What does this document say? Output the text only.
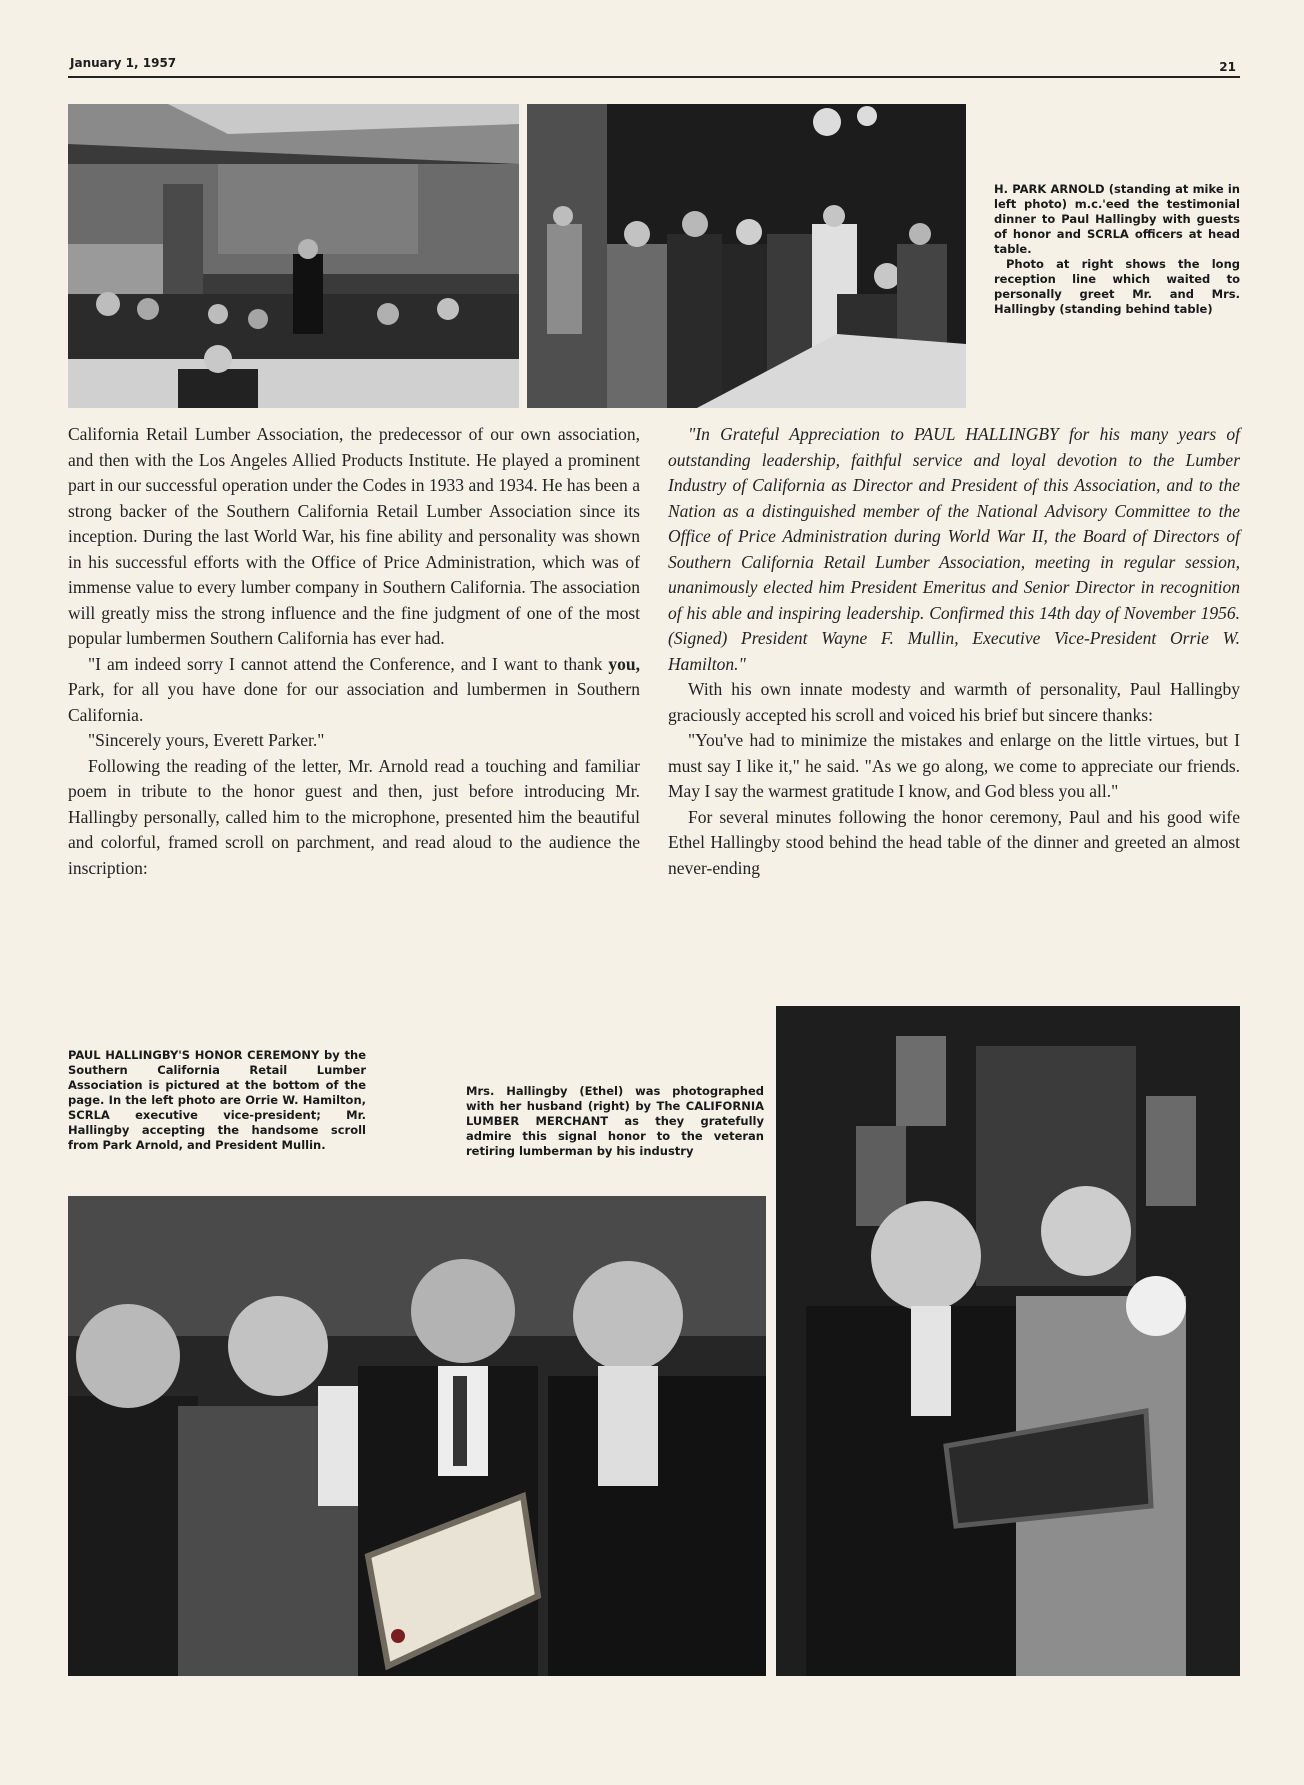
January 1, 1957	21

H. PARK ARNOLD (standing at mike in left photo) m.c.'eed the testimonial dinner to Paul Hallingby with guests of honor and SCRLA officers at head table.

Photo at right shows the long reception line which waited to personally greet Mr. and Mrs. Hallingby (standing behind table)

California Retail Lumber Association, the predecessor of our own association, and then with the Los Angeles Allied Products Institute. He played a prominent part in our successful operation under the Codes in 1933 and 1934. He has been a strong backer of the Southern California Retail Lumber Association since its inception. During the last World War, his fine ability and personality was shown in his successful efforts with the Office of Price Administration, which was of immense value to every lumber company in Southern California. The association will greatly miss the strong influence and the fine judgment of one of the most popular lumbermen Southern California has ever had.

"I am indeed sorry I cannot attend the Conference, and I want to thank you, Park, for all you have done for our association and lumbermen in Southern California.

"Sincerely yours, Everett Parker."

Following the reading of the letter, Mr. Arnold read a touching and familiar poem in tribute to the honor guest and then, just before introducing Mr. Hallingby personally, called him to the microphone, presented him the beautiful and colorful, framed scroll on parchment, and read aloud to the audience the inscription:

"In Grateful Appreciation to PAUL HALLINGBY for his many years of outstanding leadership, faithful service and loyal devotion to the Lumber Industry of California as Director and President of this Association, and to the Nation as a distinguished member of the National Advisory Committee to the Office of Price Administration during World War II, the Board of Directors of Southern California Retail Lumber Association, meeting in regular session, unanimously elected him President Emeritus and Senior Director in recognition of his able and inspiring leadership. Confirmed this 14th day of November 1956. (Signed) President Wayne F. Mullin, Executive Vice-President Orrie W. Hamilton."

With his own innate modesty and warmth of personality, Paul Hallingby graciously accepted his scroll and voiced his brief but sincere thanks:

"You've had to minimize the mistakes and enlarge on the little virtues, but I must say I like it," he said. "As we go along, we come to appreciate our friends. May I say the warmest gratitude I know, and God bless you all."

For several minutes following the honor ceremony, Paul and his good wife Ethel Hallingby stood behind the head table of the dinner and greeted an almost never-ending

PAUL HALLINGBY'S HONOR CEREMONY by the Southern California Retail Lumber Association is pictured at the bottom of the page. In the left photo are Orrie W. Hamilton, SCRLA executive vice-president; Mr. Hallingby accepting the handsome scroll from Park Arnold, and President Mullin.

Mrs. Hallingby (Ethel) was photographed with her husband (right) by The CALIFORNIA LUMBER MERCHANT as they gratefully admire this signal honor to the veteran retiring lumberman by his industry
